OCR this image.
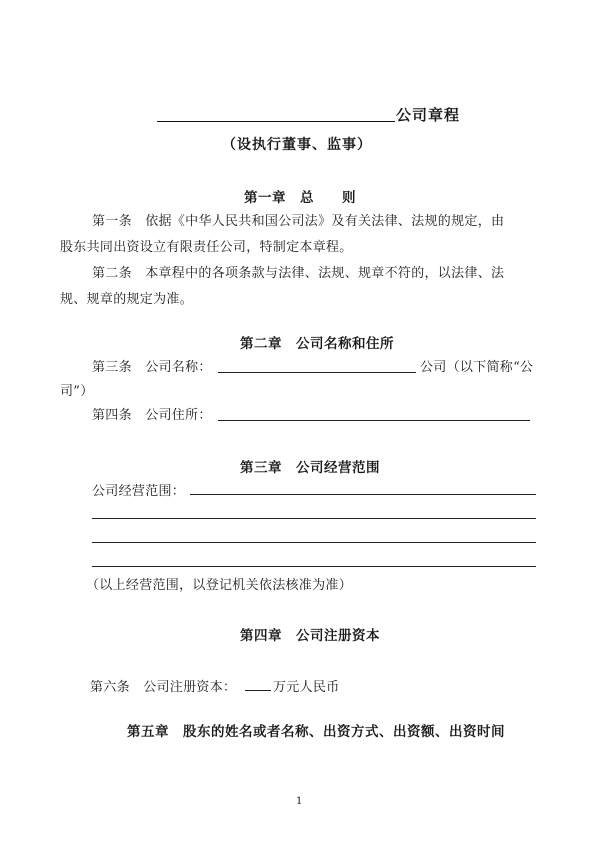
公司章程
（设执行董事、监事）
第一章　总　　则
第一条　依据《中华人民共和国公司法》及有关法律、法规的规定，由
股东共同出资设立有限责任公司，特制定本章程。
第二条　本章程中的各项条款与法律、法规、规章不符的，以法律、法
规、规章的规定为准。
第二章　公司名称和住所
第三条　公司名称：	公司（以下简称“公
司”）
第四条　公司住所：
第三章　公司经营范围
公司经营范围：
（以上经营范围，以登记机关依法核准为准）
第四章　公司注册资本
第六条　公司注册资本：	万元人民币
第五章　股东的姓名或者名称、出资方式、出资额、出资时间
1
